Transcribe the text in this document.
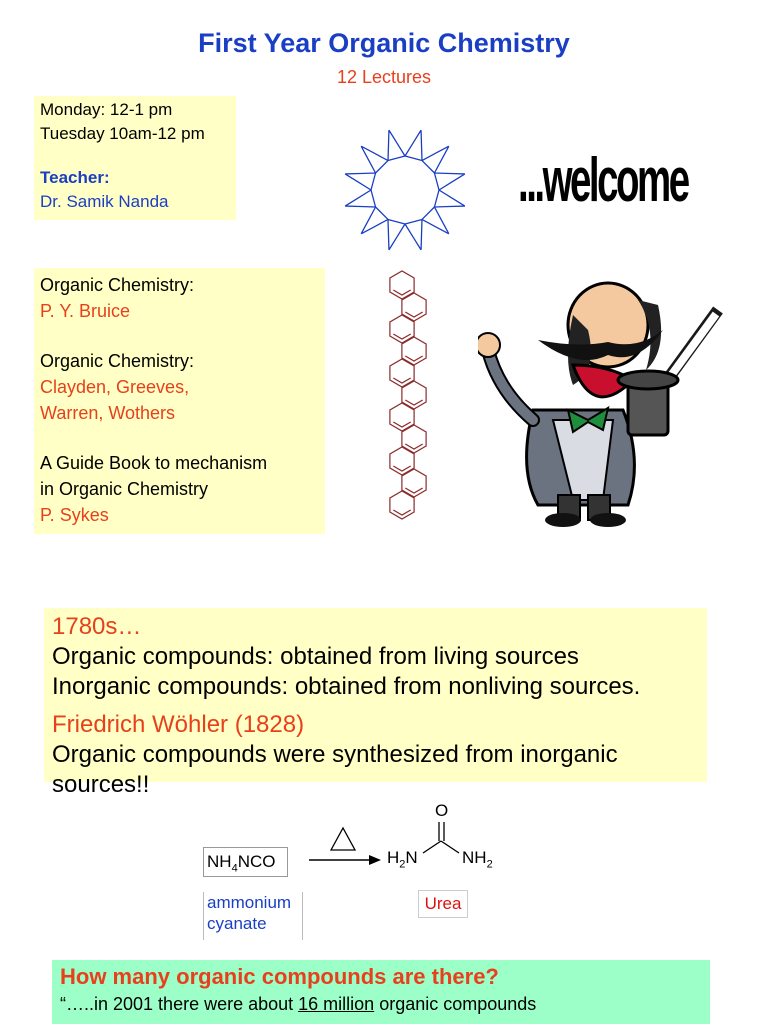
First Year Organic Chemistry
12 Lectures
Monday: 12-1 pm
Tuesday 10am-12 pm
Teacher:
Dr. Samik Nanda

Organic Chemistry:
P. Y. Bruice

Organic Chemistry:
Clayden, Greeves,
Warren, Wothers

A Guide Book to mechanism
in Organic Chemistry
P. Sykes

...welcome
1780s…
Organic compounds: obtained from living sources
Inorganic compounds: obtained from nonliving sources.
Friedrich Wöhler (1828)
Organic compounds were synthesized from inorganic
sources!!
$NH_4NCO$
O
$H_2N$	$NH_2$
ammonium
cyanate
Urea
How many organic compounds are there?
“…..in 2001 there were about 16 million organic compounds
